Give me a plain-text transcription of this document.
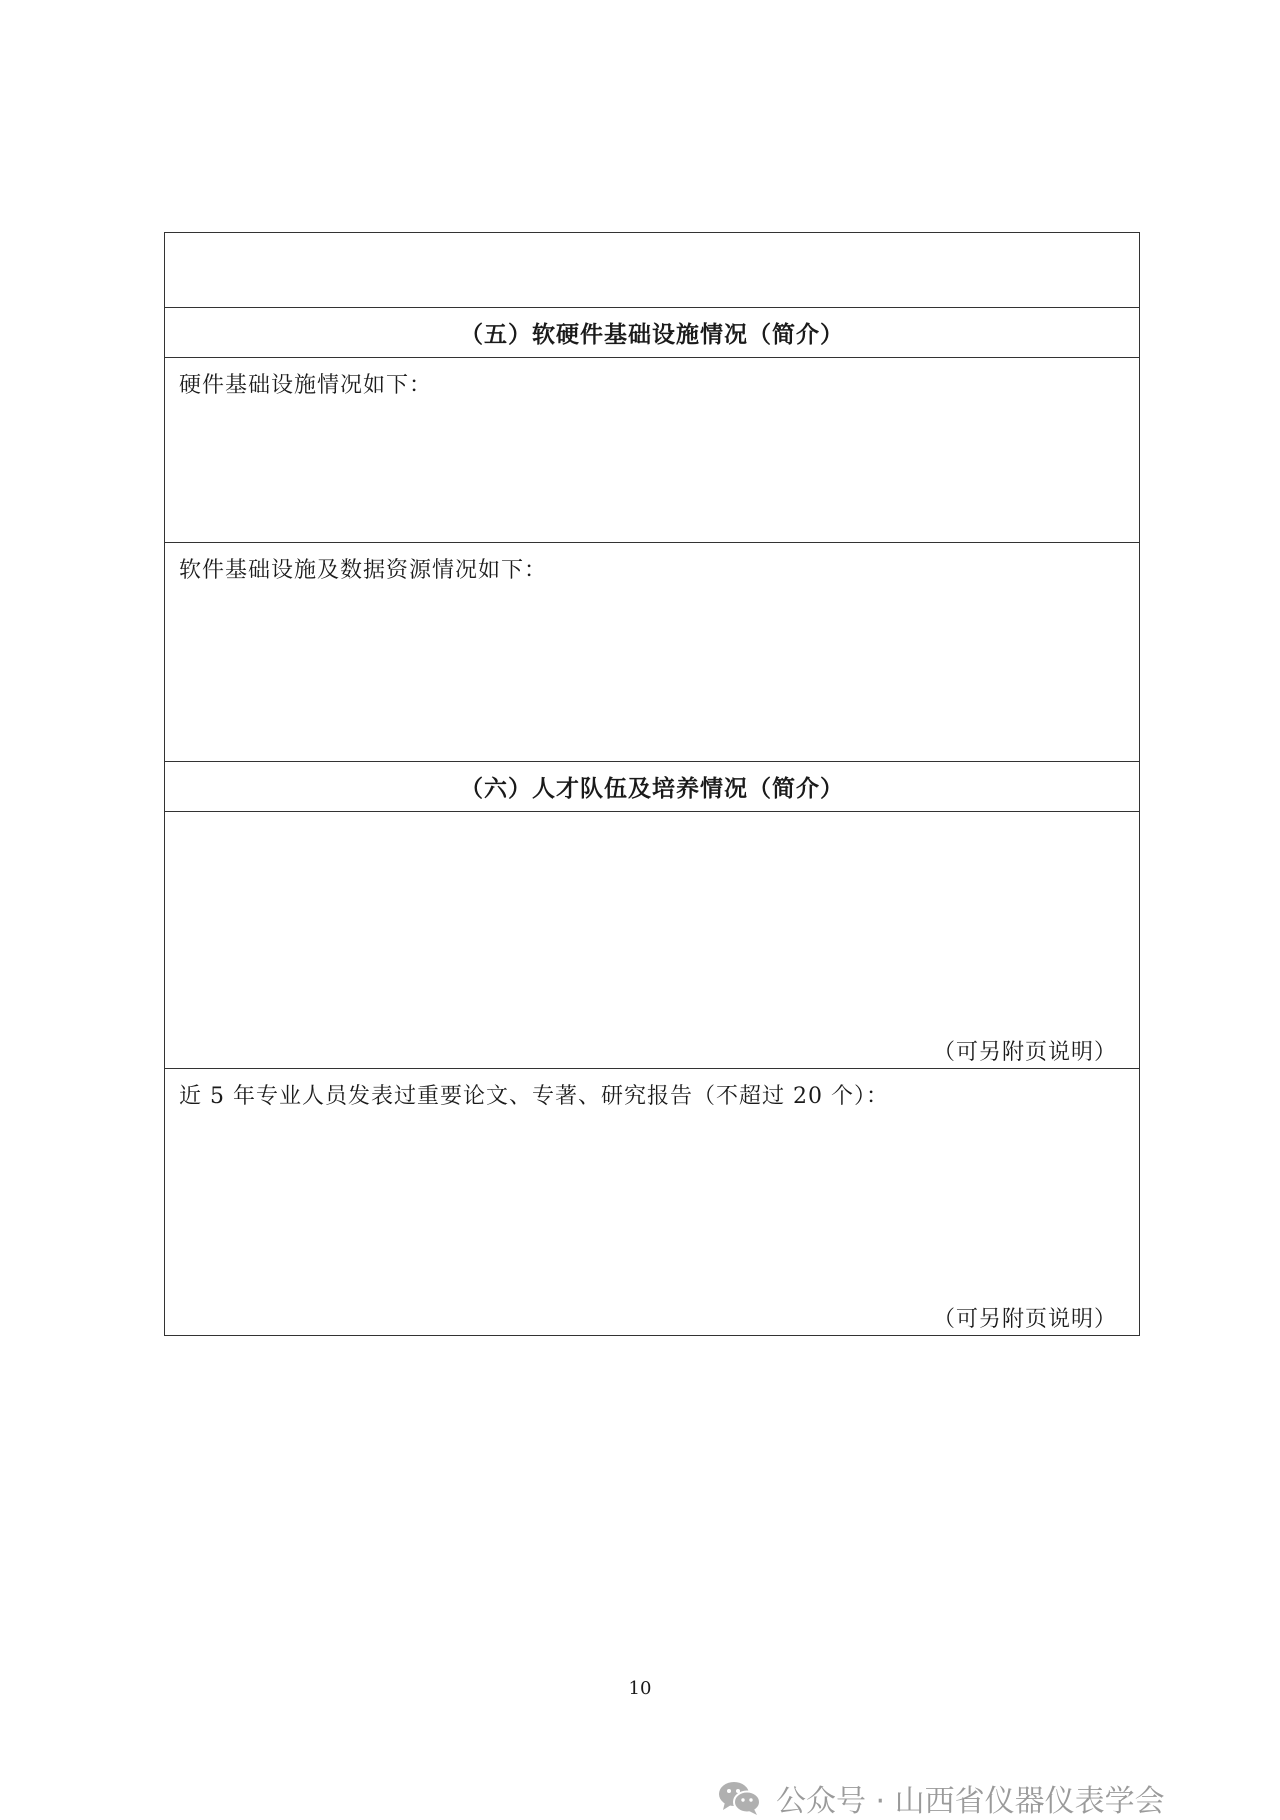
（五）软硬件基础设施情况（简介）

硬件基础设施情况如下：

软件基础设施及数据资源情况如下：

（六）人才队伍及培养情况（简介）

（可另附页说明）

近 5 年专业人员发表过重要论文、专著、研究报告（不超过 20 个）：
（可另附页说明）
10
公众号 · 山西省仪器仪表学会
